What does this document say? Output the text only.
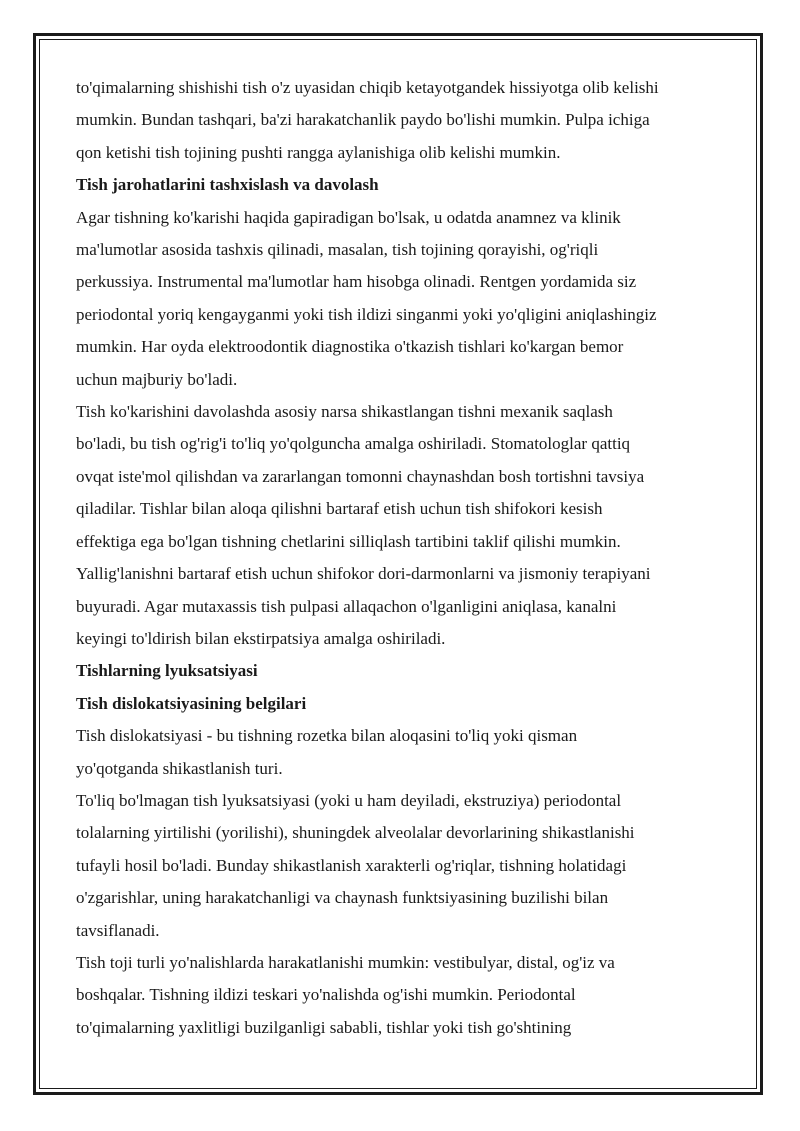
to'qimalarning shishishi tish o'z uyasidan chiqib ketayotgandek hissiyotga olib kelishi
mumkin. Bundan tashqari, ba'zi harakatchanlik paydo bo'lishi mumkin. Pulpa ichiga
qon ketishi tish tojining pushti rangga aylanishiga olib kelishi mumkin.
Tish jarohatlarini tashxislash va davolash
Agar tishning ko'karishi haqida gapiradigan bo'lsak, u odatda anamnez va klinik
ma'lumotlar asosida tashxis qilinadi, masalan, tish tojining qorayishi, og'riqli
perkussiya. Instrumental ma'lumotlar ham hisobga olinadi. Rentgen yordamida siz
periodontal yoriq kengayganmi yoki tish ildizi singanmi yoki yo'qligini aniqlashingiz
mumkin. Har oyda elektroodontik diagnostika o'tkazish tishlari ko'kargan bemor
uchun majburiy bo'ladi.
Tish ko'karishini davolashda asosiy narsa shikastlangan tishni mexanik saqlash
bo'ladi, bu tish og'rig'i to'liq yo'qolguncha amalga oshiriladi. Stomatologlar qattiq
ovqat iste'mol qilishdan va zararlangan tomonni chaynashdan bosh tortishni tavsiya
qiladilar. Tishlar bilan aloqa qilishni bartaraf etish uchun tish shifokori kesish
effektiga ega bo'lgan tishning chetlarini silliqlash tartibini taklif qilishi mumkin.
Yallig'lanishni bartaraf etish uchun shifokor dori-darmonlarni va jismoniy terapiyani
buyuradi. Agar mutaxassis tish pulpasi allaqachon o'lganligini aniqlasa, kanalni
keyingi to'ldirish bilan ekstirpatsiya amalga oshiriladi.
Tishlarning lyuksatsiyasi
Tish dislokatsiyasining belgilari
Tish dislokatsiyasi - bu tishning rozetka bilan aloqasini to'liq yoki qisman
yo'qotganda shikastlanish turi.
To'liq bo'lmagan tish lyuksatsiyasi (yoki u ham deyiladi, ekstruziya) periodontal
tolalarning yirtilishi (yorilishi), shuningdek alveolalar devorlarining shikastlanishi
tufayli hosil bo'ladi. Bunday shikastlanish xarakterli og'riqlar, tishning holatidagi
o'zgarishlar, uning harakatchanligi va chaynash funktsiyasining buzilishi bilan
tavsiflanadi.
Tish toji turli yo'nalishlarda harakatlanishi mumkin: vestibulyar, distal, og'iz va
boshqalar. Tishning ildizi teskari yo'nalishda og'ishi mumkin. Periodontal
to'qimalarning yaxlitligi buzilganligi sababli, tishlar yoki tish go'shtining
